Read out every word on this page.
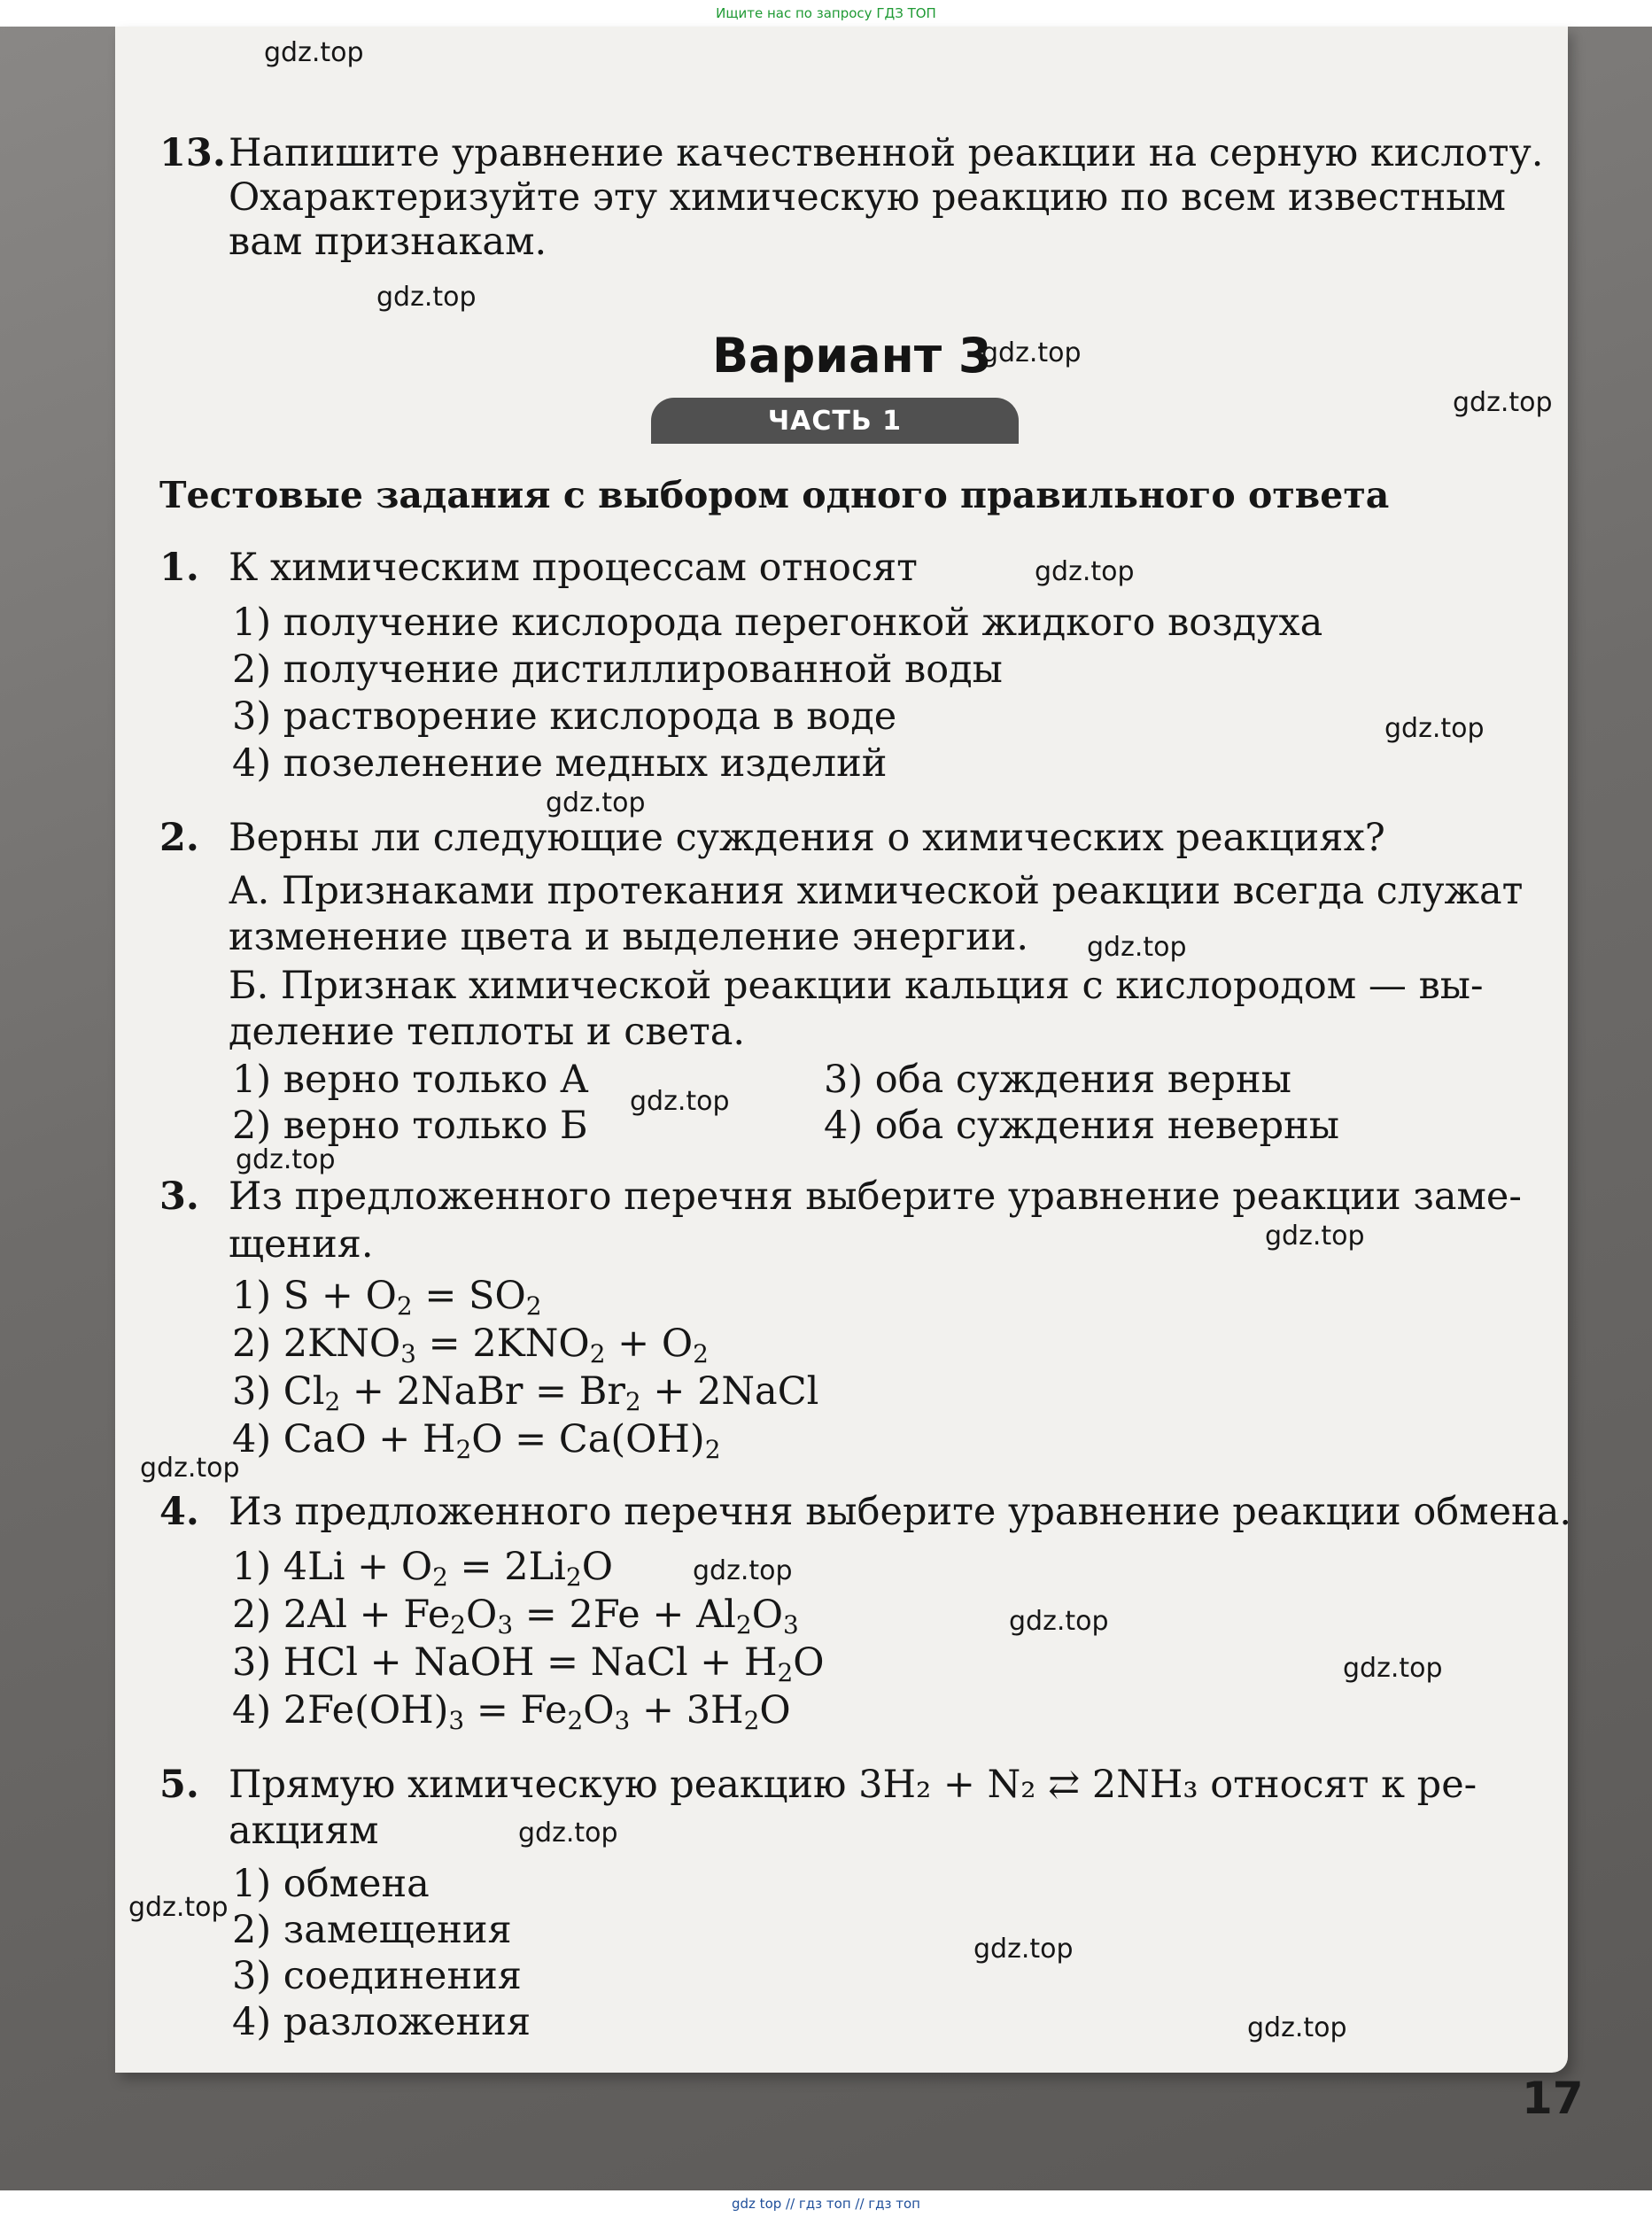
Ищите нас по запросу ГДЗ ТОП
13. Напишите уравнение качественной реакции на серную кислоту.
Охарактеризуйте эту химическую реакцию по всем известным
вам признакам.
Вариант 3
ЧАСТЬ 1
Тестовые задания с выбором одного правильного ответа
1. К химическим процессам относят
1) получение кислорода перегонкой жидкого воздуха
2) получение дистиллированной воды
3) растворение кислорода в воде
4) позеленение медных изделий
2. Верны ли следующие суждения о химических реакциях?
А. Признаками протекания химической реакции всегда служат
изменение цвета и выделение энергии.
Б. Признак химической реакции кальция с кислородом — вы-
деление теплоты и света.
1) верно только А	3) оба суждения верны
2) верно только Б	4) оба суждения неверны
3. Из предложенного перечня выберите уравнение реакции заме-
щения.
1) $S + O_2 = SO_2$
2) $2KNO_3 = 2KNO_2 + O_2$
3) $Cl_2$ + 2NaBr = $Br_2$ + 2NaCl
4) CaO + $H_2O = Ca(OH)_2$
4. Из предложенного перечня выберите уравнение реакции обмена.
1) $4Li + O_2 = 2Li_2O$
2) $2Al + Fe_2O_3 = 2Fe + Al_2O_3$
3) HCl + NaOH = NaCl + $H_2O$
4) $2Fe(OH)_3 = Fe_2O_3 + 3H_2O$
5. Прямую химическую реакцию 3H₂ + N₂ ⇄ 2NH₃ относят к ре-
акциям
1) обмена
2) замещения
3) соединения
4) разложения
gdz.top
gdz.top
gdz.top
gdz.top
gdz.top
gdz.top
gdz.top
gdz.top
gdz.top
gdz.top
gdz.top
gdz.top
gdz.top
gdz.top
gdz.top
gdz.top
gdz.top
gdz.top
gdz.top
17
gdz top // гдз топ // гдз топ
